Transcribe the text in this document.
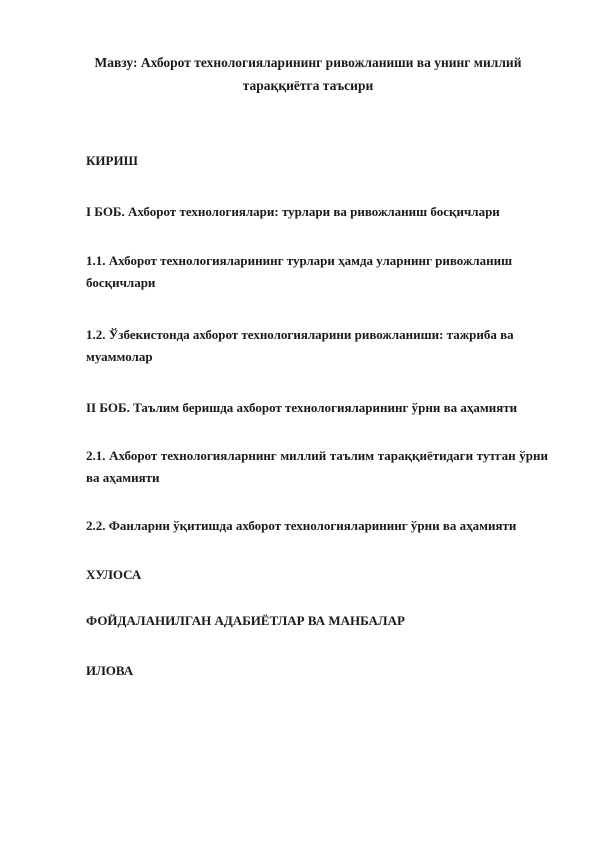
Мавзу: Ахборот технологияларининг ривожланиши ва унинг миллий тараққиётга таъсири
КИРИШ
I БОБ. Ахборот технологиялари: турлари ва ривожланиш босқичлари
1.1. Ахборот технологияларининг турлари ҳамда уларнинг ривожланиш босқичлари
1.2. Ўзбекистонда ахборот технологияларини ривожланиши: тажриба ва муаммолар
II БОБ. Таълим беришда ахборот технологияларининг ўрни ва аҳамияти
2.1. Ахборот технологияларнинг миллий таълим тараққиётидаги тутган ўрни ва аҳамияти
2.2. Фанларни ўқитишда ахборот технологияларининг ўрни ва аҳамияти
ХУЛОСА
ФОЙДАЛАНИЛГАН АДАБИЁТЛАР ВА МАНБАЛАР
ИЛОВА
